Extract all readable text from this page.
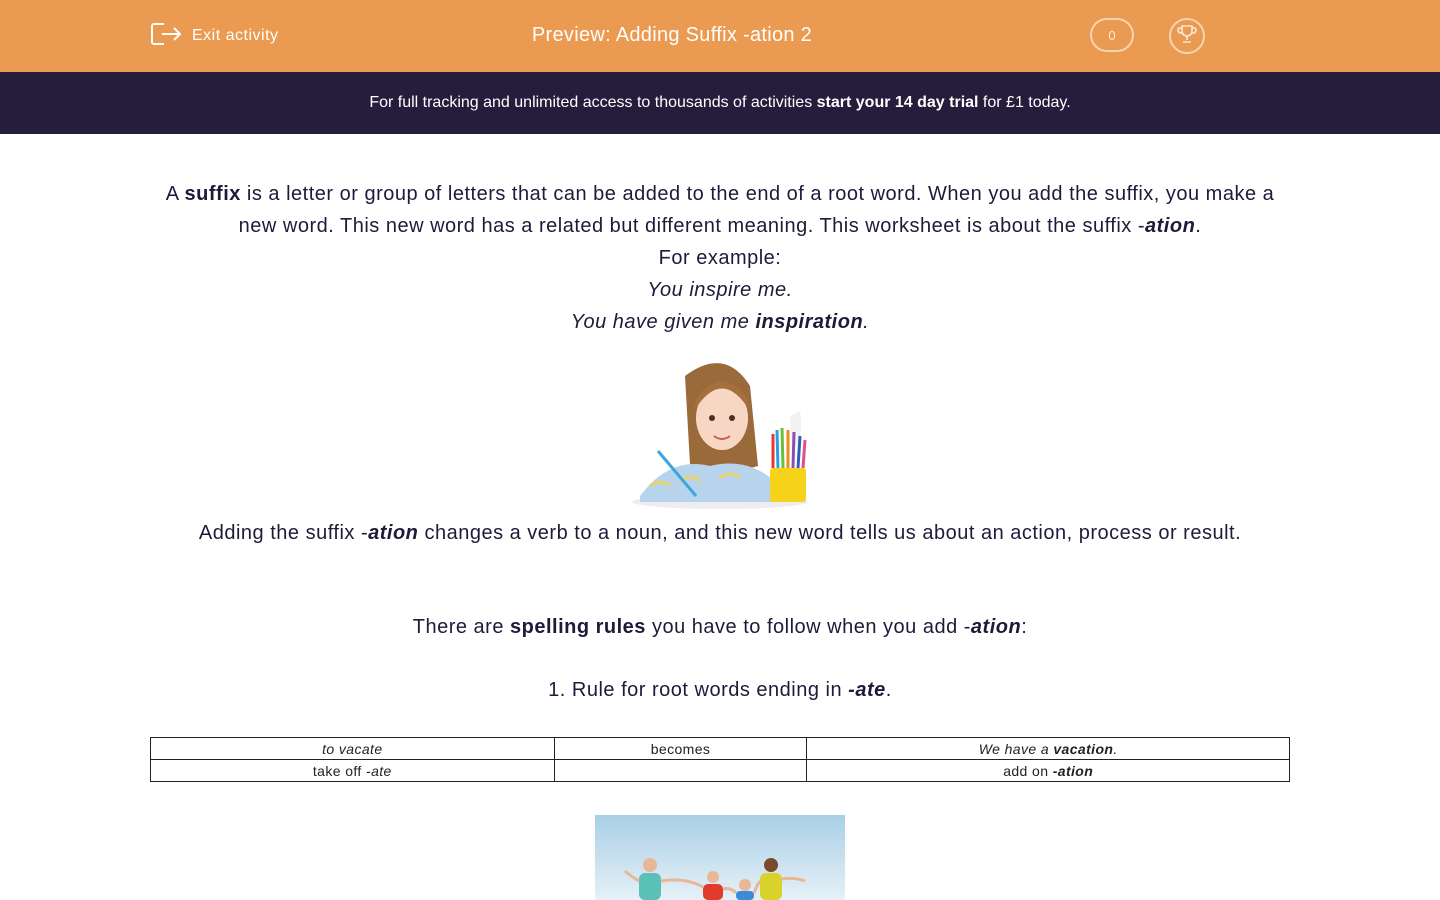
Exit activity	Preview: Adding Suffix -ation 2	0
For full tracking and unlimited access to thousands of activities start your 14 day trial for £1 today.

A suffix is a letter or group of letters that can be added to the end of a root word. When you add the suffix, you make a new word. This new word has a related but different meaning. This worksheet is about the suffix -ation.

For example:

You inspire me.

You have given me inspiration.

Adding the suffix -ation changes a verb to a noun, and this new word tells us about an action, process or result.
There are spelling rules you have to follow when you add -ation:
1. Rule for root words ending in -ate.
to vacate	becomes	We have a vacation.
take off -ate		add on -ation
